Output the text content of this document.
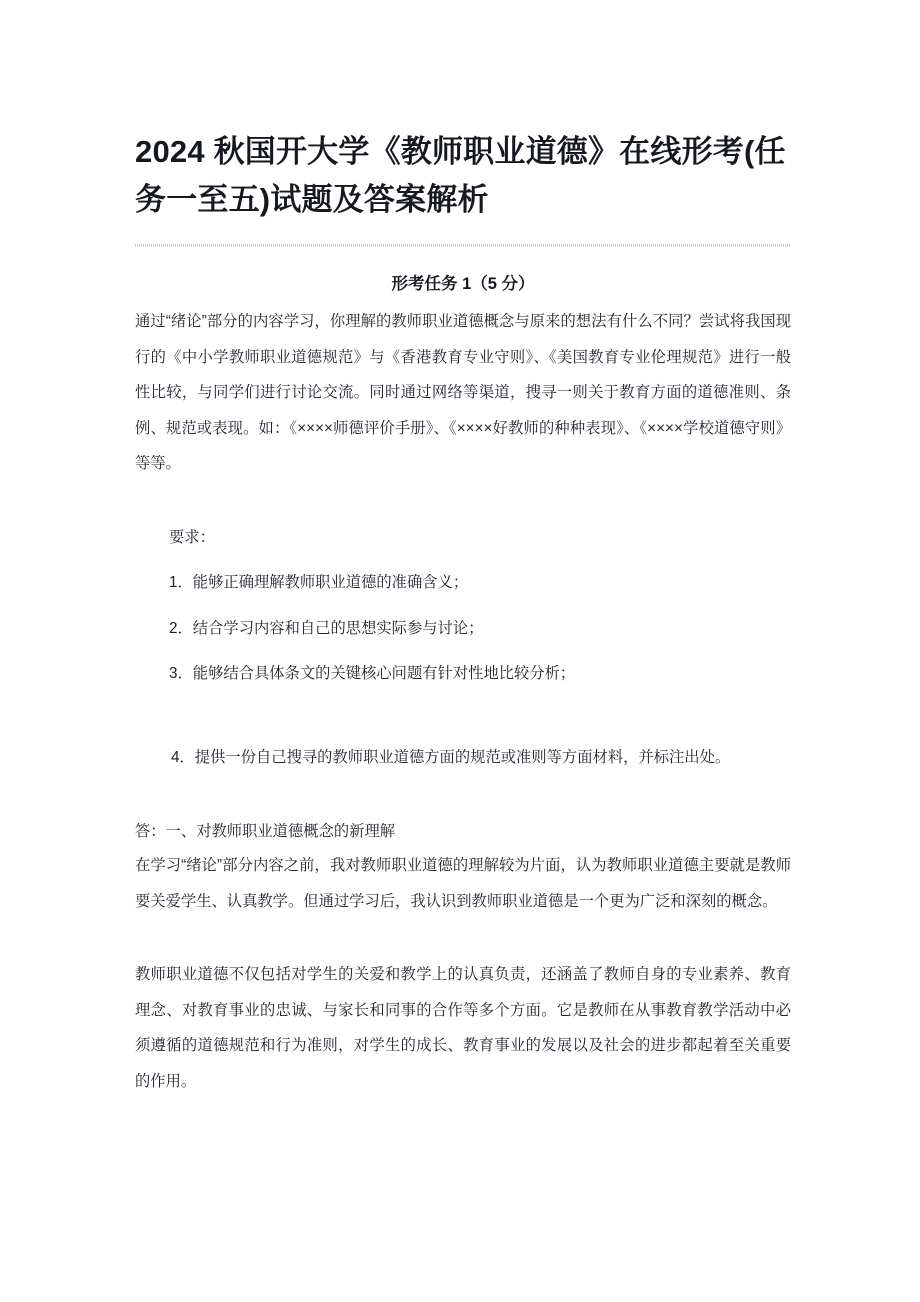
2024 秋国开大学《教师职业道德》在线形考(任务一至五)试题及答案解析
形考任务 1（5 分）

通过“绪论”部分的内容学习，你理解的教师职业道德概念与原来的想法有什么不同？尝试将我国现行的《中小学教师职业道德规范》与《香港教育专业守则》、《美国教育专业伦理规范》进行一般性比较，与同学们进行讨论交流。同时通过网络等渠道，搜寻一则关于教育方面的道德准则、条例、规范或表现。如：《××××师德评价手册》、《××××好教师的种种表现》、《××××学校道德守则》等等。

要求：

1．能够正确理解教师职业道德的准确含义；

2．结合学习内容和自己的思想实际参与讨论；

3．能够结合具体条文的关键核心问题有针对性地比较分析；

4．提供一份自己搜寻的教师职业道德方面的规范或准则等方面材料，并标注出处。

答：一、对教师职业道德概念的新理解

在学习“绪论”部分内容之前，我对教师职业道德的理解较为片面，认为教师职业道德主要就是教师要关爱学生、认真教学。但通过学习后，我认识到教师职业道德是一个更为广泛和深刻的概念。

教师职业道德不仅包括对学生的关爱和教学上的认真负责，还涵盖了教师自身的专业素养、教育理念、对教育事业的忠诚、与家长和同事的合作等多个方面。它是教师在从事教育教学活动中必须遵循的道德规范和行为准则，对学生的成长、教育事业的发展以及社会的进步都起着至关重要的作用。
